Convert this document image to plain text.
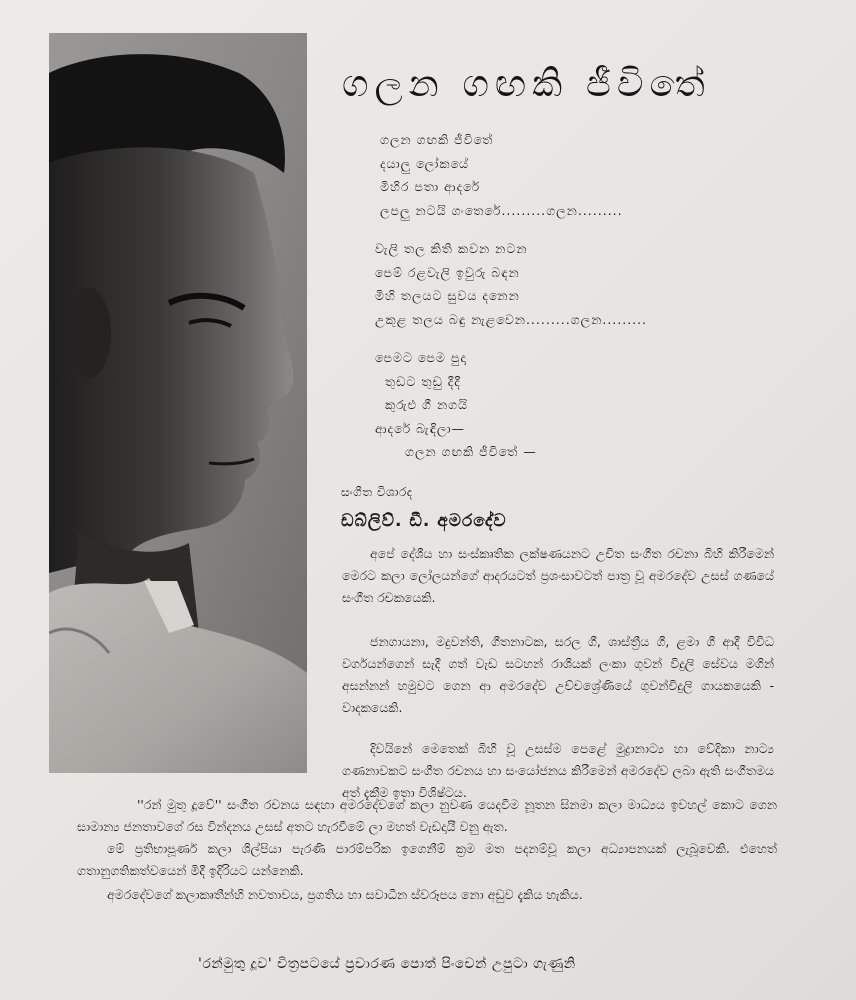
ගලන ගඟකි ජීවිතේ
ගලන ගඟකි ජීවිතේ
දයාලු ලෝකයේ
මිහිර පතා ආදරේ
ලපලු නටයි ගංතෙරේ.........ගලන.........
වැලි තල කිති කවන නටන
පෙම් රළවැලි ඉවුරු බඳන
මිහි තලයට සුවය දනෙන
උකුළ තලය බඳු නැළවෙන.........ගලන.........
පෙමට පෙම පුදා
තුඩට තුඩු දීදී
කුරුළු ගී නගයි
ආදරේ බැඳිලා—
ගලන ගඟකි ජීවිතේ —
සංගීත විශාරද
ඩබ්ලිව්. ඩී. අමරදේව

අපේ දේශීය හා සංස්කෘතික ලක්ෂණයනට උචිත සංගීත රචනා බිහි කිරීමෙන් මෙරට කලා ලෝලයන්ගේ ආදරයටත් ප්‍රශංසාවටත් පාත්‍ර වූ අමරදේව උසස් ගණයේ සංගීත රචකයෙකි.

ජනගායනා, මදුවන්ති, ගීතනාටක, සරල ගී, ශාස්ත්‍රීය ගී, ළමා ගී ආදී විවිධ වර්ගයන්ගෙන් සැදී ගත් වැඩ සටහන් රාශියක් ලංකා ගුවන් විදුලි සේවය මගින් අසන්නන් හමුවට ගෙන ආ අමරදේව උච්චශ්‍රේණියේ ගුවන්විදුලි ගායකයෙකි - වාදකයෙකි.

දිවයිනේ මෙතෙක් බිහි වූ උසස්ම පෙළේ මුද්‍රානාට්‍ය හා වේදිකා නාට්‍ය ගණනාවකට සංගීත රචනය හා සංයෝජනය කිරීමෙන් අමරදේව ලබා ඇති සංගීතමය අත් දැකීම ඉතා විශිෂ්ටය.

''රන් මුතු දූවේ'' සංගීත රචනය සඳහා අමරදේවගේ කලා නුවණ යෙදවීම නූතන සිනමා කලා මාධ්‍යය ඉවහල් කොට ගෙන සාමාන්‍ය ජනතාවගේ රස වින්දනය උසස් අතට හැරවීමේ ලා මහත් වැඩදායී වනු ඇත.

මේ ප්‍රතිභාපූර්ණ කලා ශිල්පියා පැරණි පාරම්පරික ඉගෙනීම් ක්‍රම මත පදනම්වූ කලා අධ්‍යාපනයක් ලැබූවෙකි. එහෙත් ගතානුගතිකත්වයෙන් මිදී ඉදිරියට යන්නෙකි.

අමරදේවගේ කලාකෘතීන්හි නවතාවය, ප්‍රගතිය හා සවාධීන ස්වරූපය නො අඩුව දැකිය හැකිය.

'රන්මුතු දූව' චිත්‍රපටයේ ප්‍රචාරණ පොත් පිංචෙන් උපුටා ගැණුනි
